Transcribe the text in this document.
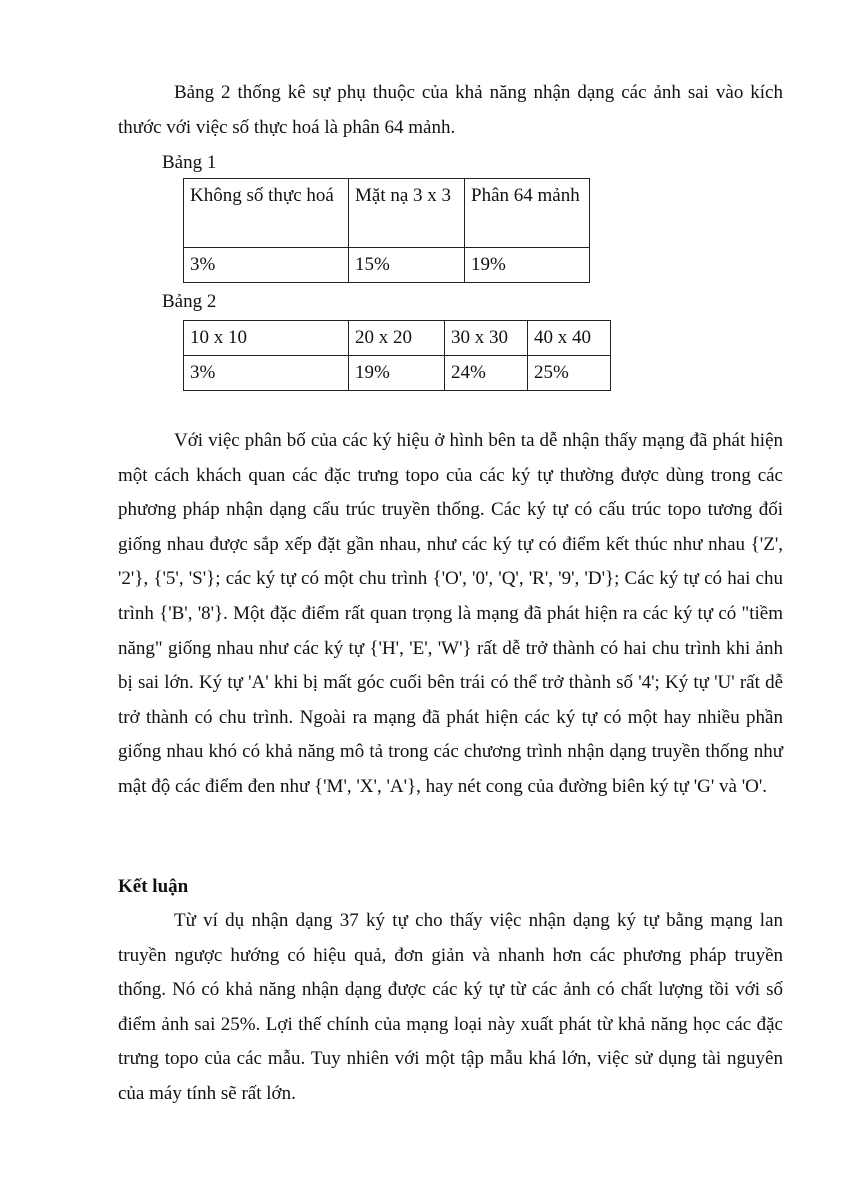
Bảng 2 thống kê sự phụ thuộc của khả năng nhận dạng các ảnh sai vào kích thước với việc số thực hoá là phân 64 mảnh.

Bảng 1

Không số thực hoá	Mặt nạ 3 x 3	Phân 64 mảnh
3%	15%	19%

Bảng 2

10 x 10	20 x 20	30 x 30	40 x 40
3%	19%	24%	25%

Với việc phân bố của các ký hiệu ở hình bên ta dễ nhận thấy mạng đã phát hiện một cách khách quan các đặc trưng topo của các ký tự thường được dùng trong các phương pháp nhận dạng cấu trúc truyền thống. Các ký tự có cấu trúc topo tương đối giống nhau được sắp xếp đặt gần nhau, như các ký tự có điểm kết thúc như nhau {'Z', '2'}, {'5', 'S'}; các ký tự có một chu trình {'O', '0', 'Q', 'R', '9', 'D'}; Các ký tự có hai chu trình {'B', '8'}. Một đặc điểm rất quan trọng là mạng đã phát hiện ra các ký tự có "tiềm năng" giống nhau như các ký tự {'H', 'E', 'W'} rất dễ trở thành có hai chu trình khi ảnh bị sai lớn. Ký tự 'A' khi bị mất góc cuối bên trái có thể trở thành số '4'; Ký tự 'U' rất dễ trở thành có chu trình. Ngoài ra mạng đã phát hiện các ký tự có một hay nhiều phần giống nhau khó có khả năng mô tả trong các chương trình nhận dạng truyền thống như mật độ các điểm đen như {'M', 'X', 'A'}, hay nét cong của đường biên ký tự 'G' và 'O'.

Kết luận

Từ ví dụ nhận dạng 37 ký tự cho thấy việc nhận dạng ký tự bằng mạng lan truyền ngược hướng có hiệu quả, đơn giản và nhanh hơn các phương pháp truyền thống. Nó có khả năng nhận dạng được các ký tự từ các ảnh có chất lượng tồi với số điểm ảnh sai 25%. Lợi thế chính của mạng loại này xuất phát từ khả năng học các đặc trưng topo của các mẫu. Tuy nhiên với một tập mẫu khá lớn, việc sử dụng tài nguyên của máy tính sẽ rất lớn.
